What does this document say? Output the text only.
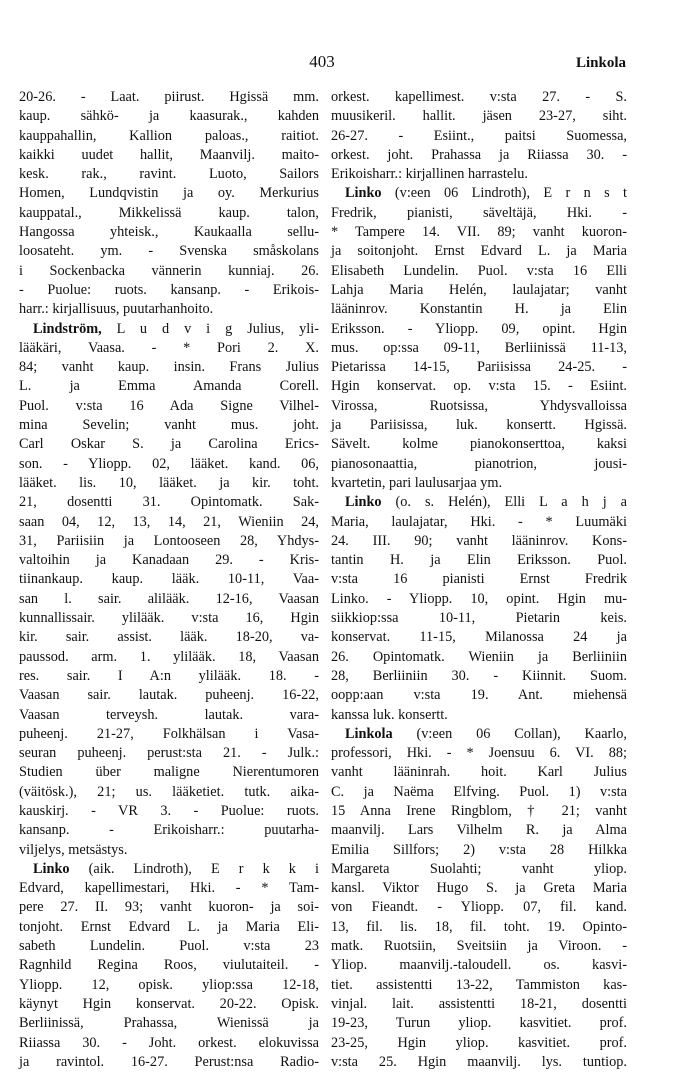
403	Linkola
20-26. - Laat. piirust. Hgissä mm.
kaup. sähkö- ja kaasurak., kahden
kauppahallin, Kallion paloas., raitiot.
kaikki uudet hallit, Maanvilj. maito-
kesk. rak., ravint. Luoto, Sailors
Homen, Lundqvistin ja oy. Merkurius
kauppatal., Mikkelissä kaup. talon,
Hangossa yhteisk., Kaukaalla sellu-
loosateht. ym. - Svenska småskolans
i Sockenbacka vännerin kunniaj. 26.
- Puolue: ruots. kansanp. - Erikois-
harr.: kirjallisuus, puutarhanhoito.
Lindström, L u d v i g Julius, yli-
lääkäri, Vaasa. - * Pori 2. X.
84; vanht kaup. insin. Frans Julius
L. ja Emma Amanda Corell.
Puol. v:sta 16 Ada Signe Vilhel-
mina Sevelin; vanht mus. joht.
Carl Oskar S. ja Carolina Erics-
son. - Yliopp. 02, lääket. kand. 06,
lääket. lis. 10, lääket. ja kir. toht.
21, dosentti 31. Opintomatk. Sak-
saan 04, 12, 13, 14, 21, Wieniin 24,
31, Pariisiin ja Lontooseen 28, Yhdys-
valtoihin ja Kanadaan 29. - Kris-
tiinankaup. kaup. lääk. 10-11, Vaa-
san l. sair. alilääk. 12-16, Vaasan
kunnallissair. ylilääk. v:sta 16, Hgin
kir. sair. assist. lääk. 18-20, va-
paussod. arm. 1. ylilääk. 18, Vaasan
res. sair. I A:n ylilääk. 18. -
Vaasan sair. lautak. puheenj. 16-22,
Vaasan terveysh. lautak. vara-
puheenj. 21-27, Folkhälsan i Vasa-
seuran puheenj. perust:sta 21. - Julk.:
Studien über maligne Nierentumoren
(väitösk.), 21; us. lääketiet. tutk. aika-
kauskirj. - VR 3. - Puolue: ruots.
kansanp. - Erikoisharr.: puutarha-
viljelys, metsästys.
Linko (aik. Lindroth), E r k k i
Edvard, kapellimestari, Hki. - * Tam-
pere 27. II. 93; vanht kuoron- ja soi-
tonjoht. Ernst Edvard L. ja Maria Eli-
sabeth Lundelin. Puol. v:sta 23
Ragnhild Regina Roos, viulutaiteil. -
Yliopp. 12, opisk. yliop:ssa 12-18,
käynyt Hgin konservat. 20-22. Opisk.
Berliinissä, Prahassa, Wienissä ja
Riiassa 30. - Joht. orkest. elokuvissa
ja ravintol. 16-27. Perust:nsa Radio-
orkest. kapellimest. v:sta 27. - S.
muusikeril. hallit. jäsen 23-27, siht.
26-27. - Esiint., paitsi Suomessa,
orkest. joht. Prahassa ja Riiassa 30. -
Erikoisharr.: kirjallinen harrastelu.
Linko (v:een 06 Lindroth), E r n s t
Fredrik, pianisti, säveltäjä, Hki. -
* Tampere 14. VII. 89; vanht kuoron-
ja soitonjoht. Ernst Edvard L. ja Maria
Elisabeth Lundelin. Puol. v:sta 16 Elli
Lahja Maria Helén, laulajatar; vanht
lääninrov. Konstantin H. ja Elin
Eriksson. - Yliopp. 09, opint. Hgin
mus. op:ssa 09-11, Berliinissä 11-13,
Pietarissa 14-15, Pariisissa 24-25. -
Hgin konservat. op. v:sta 15. - Esiint.
Virossa, Ruotsissa, Yhdysvalloissa
ja Pariisissa, luk. konsertt. Hgissä.
Sävelt. kolme pianokonserttoa, kaksi
pianosonaattia, pianotrion, jousi-
kvartetin, pari laulusarjaa ym.
Linko (o. s. Helén), Elli L a h j a
Maria, laulajatar, Hki. - * Luumäki
24. III. 90; vanht lääninrov. Kons-
tantin H. ja Elin Eriksson. Puol.
v:sta 16 pianisti Ernst Fredrik
Linko. - Yliopp. 10, opint. Hgin mu-
siikkiop:ssa 10-11, Pietarin keis.
konservat. 11-15, Milanossa 24 ja
26. Opintomatk. Wieniin ja Berliiniin
28, Berliiniin 30. - Kiinnit. Suom.
oopp:aan v:sta 19. Ant. miehensä
kanssa luk. konsertt.
Linkola (v:een 06 Collan), Kaarlo,
professori, Hki. - * Joensuu 6. VI. 88;
vanht lääninrah. hoit. Karl Julius
C. ja Naëma Elfving. Puol. 1) v:sta
15 Anna Irene Ringblom, † 21; vanht
maanvilj. Lars Vilhelm R. ja Alma
Emilia Sillfors; 2) v:sta 28 Hilkka
Margareta Suolahti; vanht yliop.
kansl. Viktor Hugo S. ja Greta Maria
von Fieandt. - Yliopp. 07, fil. kand.
13, fil. lis. 18, fil. toht. 19. Opinto-
matk. Ruotsiin, Sveitsiin ja Viroon. -
Yliop. maanvilj.-taloudell. os. kasvi-
tiet. assistentti 13-22, Tammiston kas-
vinjal. lait. assistentti 18-21, dosentti
19-23, Turun yliop. kasvitiet. prof.
23-25, Hgin yliop. kasvitiet. prof.
v:sta 25. Hgin maanvilj. lys. tuntiop.
